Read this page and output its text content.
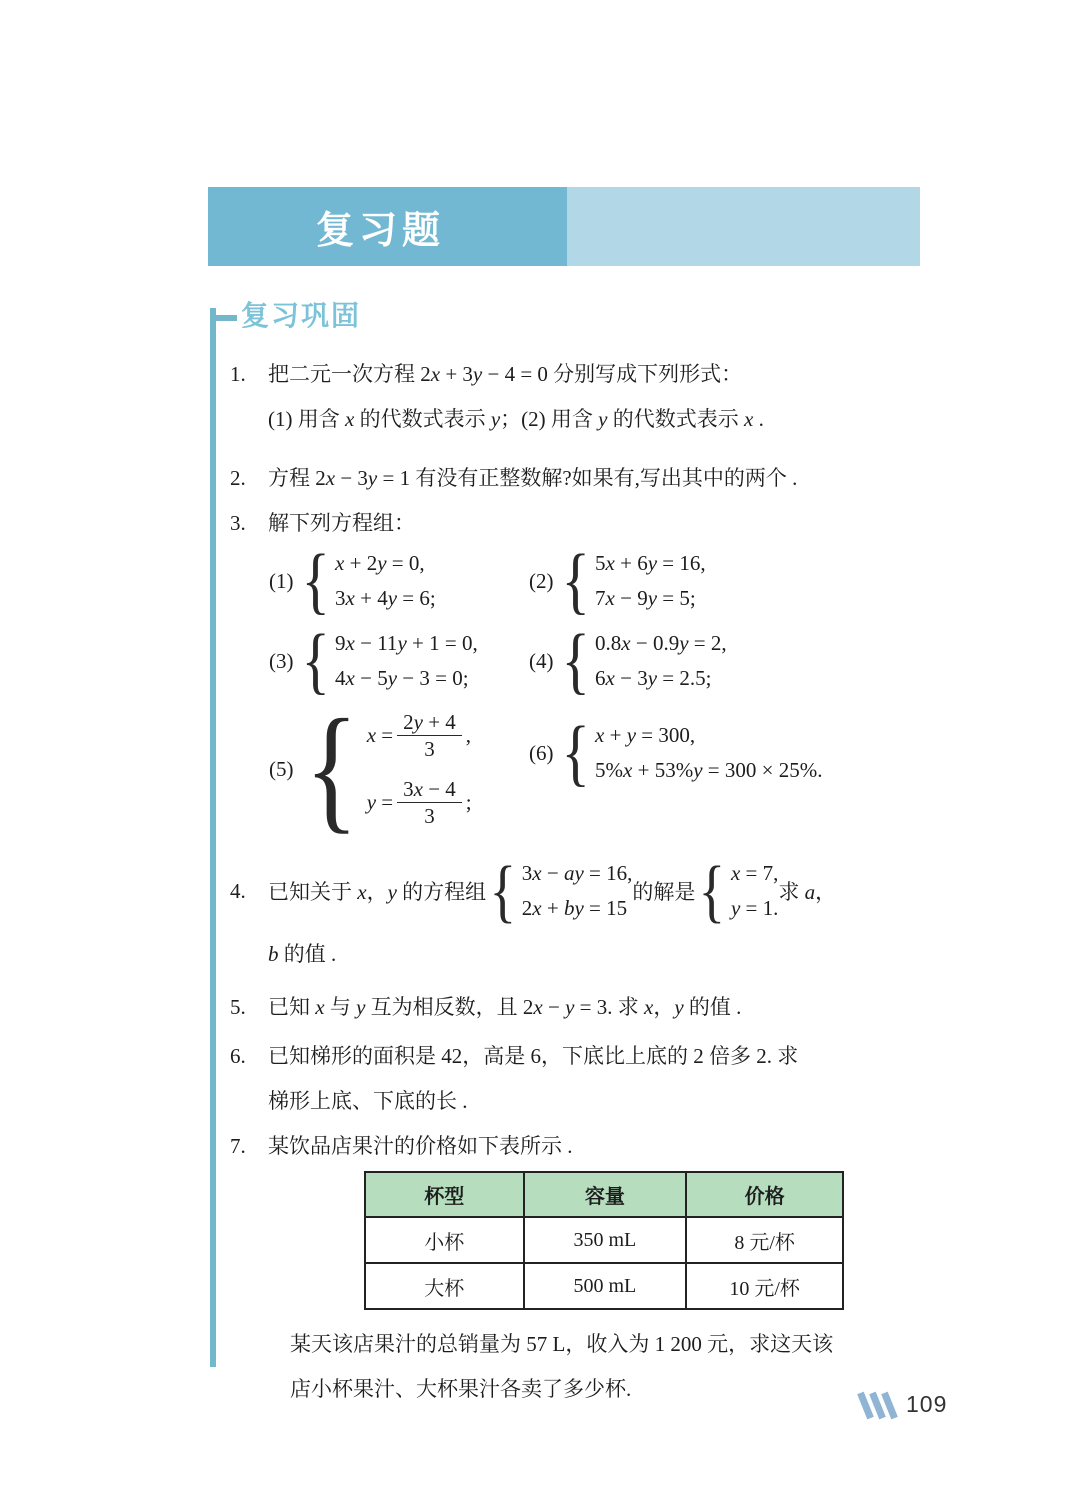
复习题
复习巩固
1. 把二元一次方程 2x + 3y − 4 = 0 分别写成下列形式：
(1) 用含 x 的代数式表示 y；(2) 用含 y 的代数式表示 x .
2. 方程 2x − 3y = 1 有没有正整数解?如果有,写出其中的两个 .
3. 解下列方程组：
(1) { x + 2y = 0,
3x + 4y = 6;
(2) { 5x + 6y = 16,
7x − 9y = 5;
(3) { 9x − 11y + 1 = 0,
4x − 5y − 3 = 0;
(4) { 0.8x − 0.9y = 2,
6x − 3y = 2.5;
(5) { $x = \frac{2y + 4}{3}$ ,
$y = \frac{3x - 4}{3}$ ;
(6) { x + y = 300,
5%x + 53%y = 300 × 25%.
4.	已知关于 x，y 的方程组 { 3x − ay = 16,
2x + by = 15
的解是 { x = 7,
y = 1.
求 a，
b 的值 .
5. 已知 x 与 y 互为相反数，且 2x − y = 3. 求 x，y 的值 .
6. 已知梯形的面积是 42，高是 6，下底比上底的 2 倍多 2. 求
梯形上底、下底的长 .
7. 某饮品店果汁的价格如下表所示 .
杯型	容量	价格
小杯	350 mL	8 元/杯
大杯	500 mL	10 元/杯
某天该店果汁的总销量为 57 L，收入为 1 200 元，求这天该
店小杯果汁、大杯果汁各卖了多少杯.
109
